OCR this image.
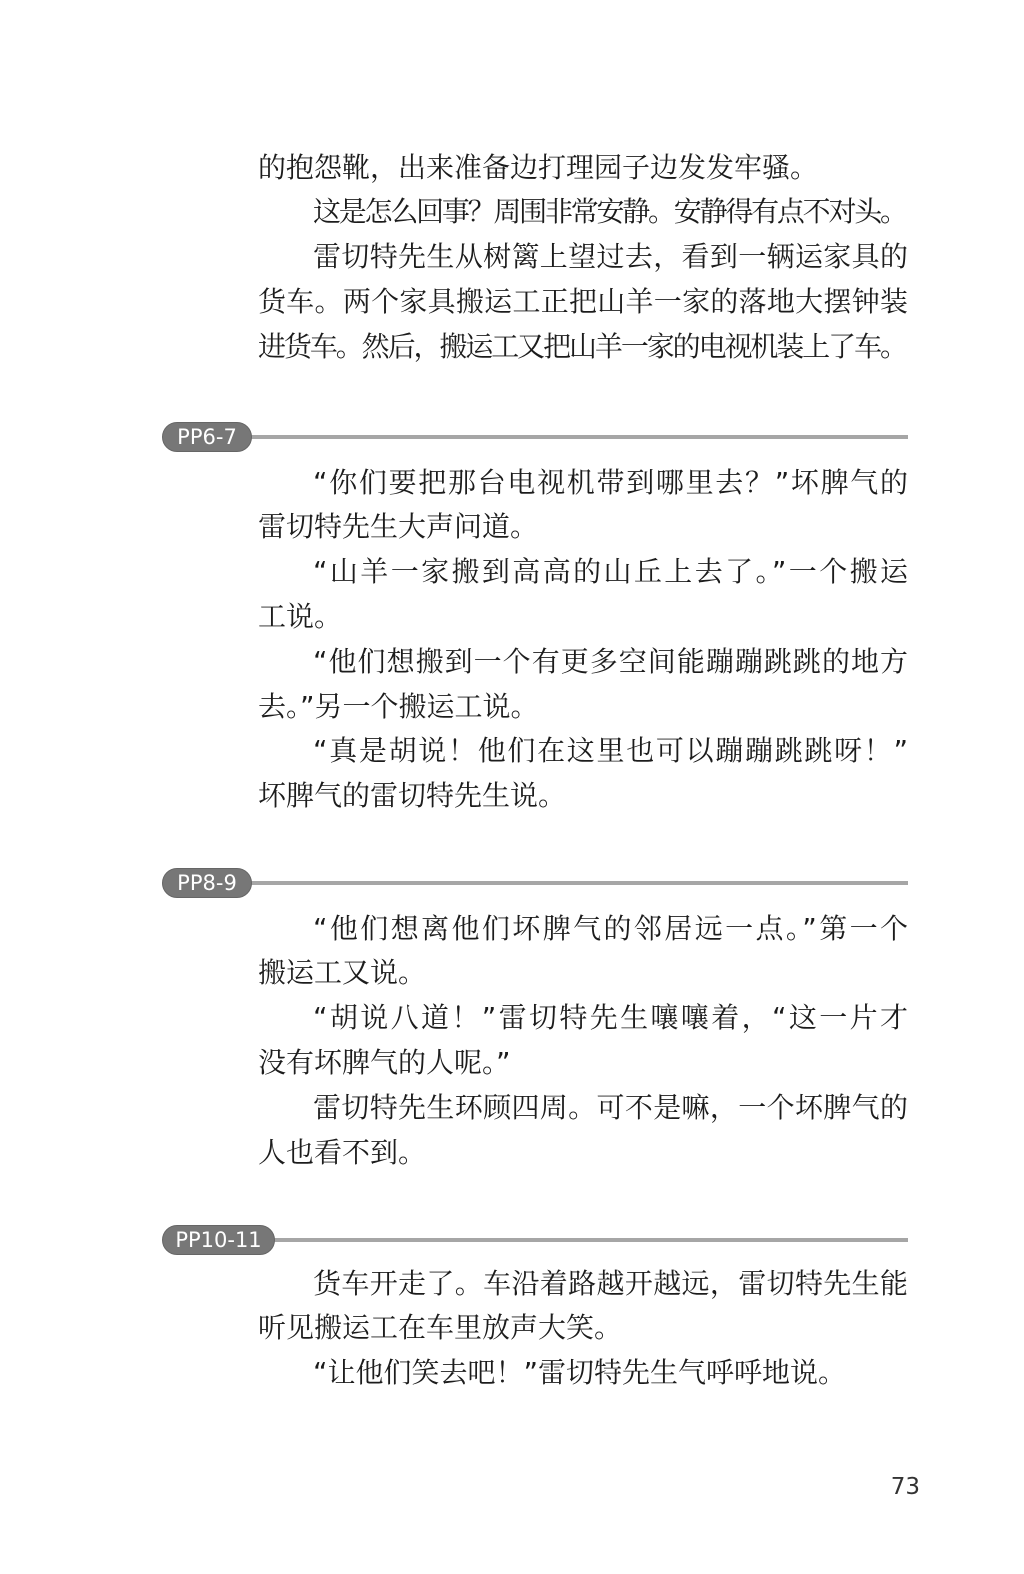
的抱怨靴，出来准备边打理园子边发发牢骚。
这是怎么回事？周围非常安静。安静得有点不对头。
雷切特先生从树篱上望过去，看到一辆运家具的
货车。两个家具搬运工正把山羊一家的落地大摆钟装
进货车。然后，搬运工又把山羊一家的电视机装上了车。
PP6-7
“你们要把那台电视机带到哪里去？”坏脾气的
雷切特先生大声问道。
“山羊一家搬到高高的山丘上去了。”一个搬运
工说。
“他们想搬到一个有更多空间能蹦蹦跳跳的地方
去。”另一个搬运工说。
“真是胡说！他们在这里也可以蹦蹦跳跳呀！”
坏脾气的雷切特先生说。
PP8-9
“他们想离他们坏脾气的邻居远一点。”第一个
搬运工又说。
“胡说八道！”雷切特先生嚷嚷着，“这一片才
没有坏脾气的人呢。”
雷切特先生环顾四周。可不是嘛，一个坏脾气的
人也看不到。
PP10-11
货车开走了。车沿着路越开越远，雷切特先生能
听见搬运工在车里放声大笑。
“让他们笑去吧！”雷切特先生气呼呼地说。
73
